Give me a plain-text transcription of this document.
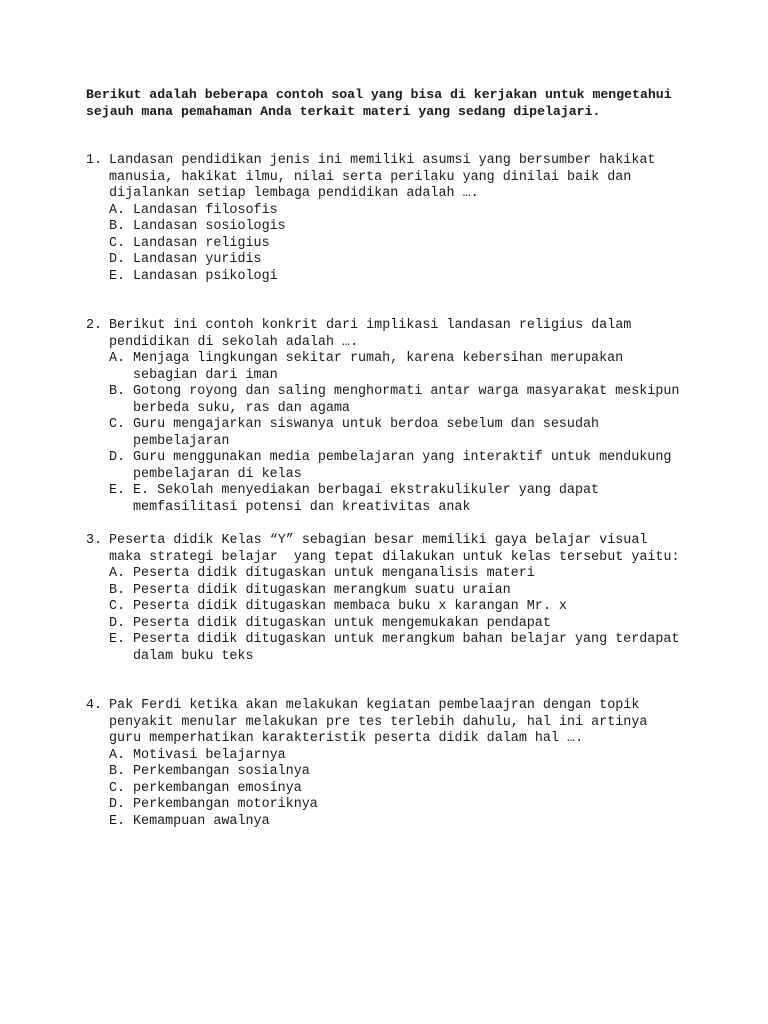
Berikut adalah beberapa contoh soal yang bisa di kerjakan untuk mengetahui sejauh mana pemahaman Anda terkait materi yang sedang dipelajari.
1. Landasan pendidikan jenis ini memiliki asumsi yang bersumber hakikat manusia, hakikat ilmu, nilai serta perilaku yang dinilai baik dan dijalankan setiap lembaga pendidikan adalah ….
A. Landasan filosofis
B. Landasan sosiologis
C. Landasan religius
D. Landasan yuridis
E. Landasan psikologi
2. Berikut ini contoh konkrit dari implikasi landasan religius dalam pendidikan di sekolah adalah ….
A. Menjaga lingkungan sekitar rumah, karena kebersihan merupakan sebagian dari iman
B. Gotong royong dan saling menghormati antar warga masyarakat meskipun berbeda suku, ras dan agama
C. Guru mengajarkan siswanya untuk berdoa sebelum dan sesudah pembelajaran
D. Guru menggunakan media pembelajaran yang interaktif untuk mendukung pembelajaran di kelas
E. E. Sekolah menyediakan berbagai ekstrakulikuler yang dapat memfasilitasi potensi dan kreativitas anak
3. Peserta didik Kelas “Y” sebagian besar memiliki gaya belajar visual maka strategi belajar  yang tepat dilakukan untuk kelas tersebut yaitu:
A. Peserta didik ditugaskan untuk menganalisis materi
B. Peserta didik ditugaskan merangkum suatu uraian
C. Peserta didik ditugaskan membaca buku x karangan Mr. x
D. Peserta didik ditugaskan untuk mengemukakan pendapat
E. Peserta didik ditugaskan untuk merangkum bahan belajar yang terdapat dalam buku teks
4. Pak Ferdi ketika akan melakukan kegiatan pembelaajran dengan topik penyakit menular melakukan pre tes terlebih dahulu, hal ini artinya guru memperhatikan karakteristik peserta didik dalam hal ….
A. Motivasi belajarnya
B. Perkembangan sosialnya
C. perkembangan emosinya
D. Perkembangan motoriknya
E. Kemampuan awalnya
